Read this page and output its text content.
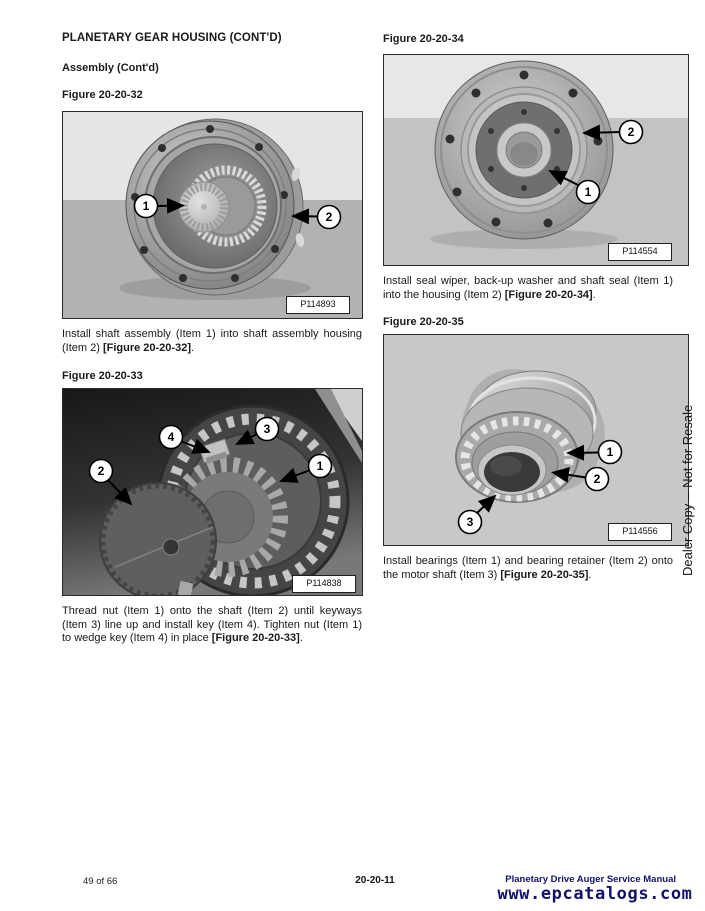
PLANETARY GEAR HOUSING (CONT'D)
Assembly (Cont'd)
Figure 20-20-32
1
2
P114893

Install shaft assembly (Item 1) into shaft assembly housing (Item 2) [Figure 20-20-32].

Figure 20-20-33
4
3
1
2
P114838

Thread nut (Item 1) onto the shaft (Item 2) until keyways (Item 3) line up and install key (Item 4). Tighten nut (Item 1) to wedge key (Item 4) in place [Figure 20-20-33].

Figure 20-20-34
2
1
P114554

Install seal wiper, back-up washer and shaft seal (Item 1) into the housing (Item 2) [Figure 20-20-34].

Figure 20-20-35
1
2
3
P114556

Install bearings (Item 1) and bearing retainer (Item 2) onto the motor shaft (Item 3) [Figure 20-20-35].	Dealer Copy -- Not for Resale
49 of 66	20-20-11	Planetary Drive Auger Service Manual
www.epcatalogs.com
